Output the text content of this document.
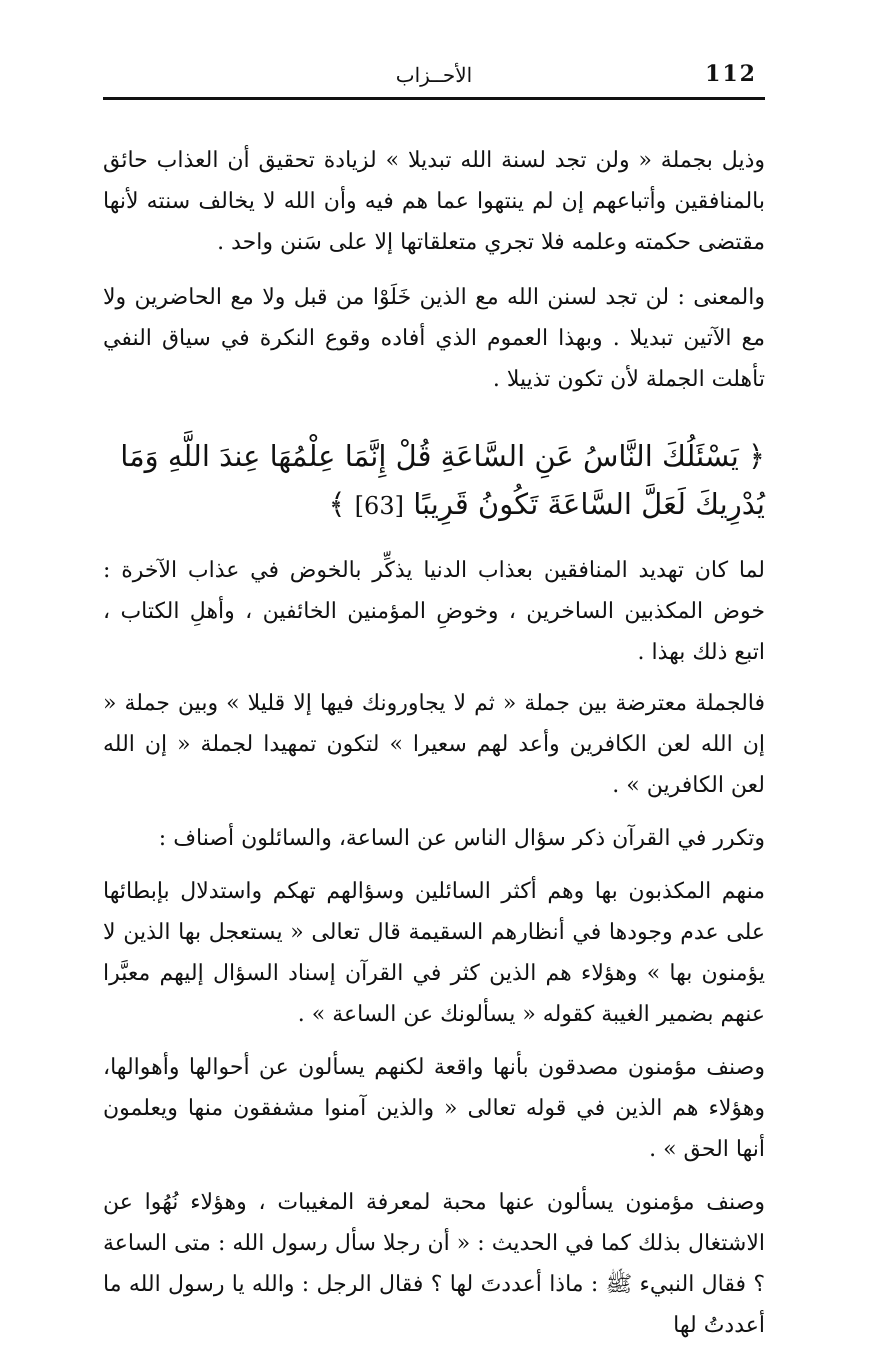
112
الأحــزاب

وذيل بجملة « ولن تجد لسنة الله تبديلا » لزيادة تحقيق أن العذاب حائق بالمنافقين وأتباعهم إن لم ينتهوا عما هم فيه وأن الله لا يخالف سنته لأنها مقتضى حكمته وعلمه فلا تجري متعلقاتها إلا على سَنن واحد .

والمعنى : لن تجد لسنن الله مع الذين خَلَوْا من قبل ولا مع الحاضرين ولا مع الآتين تبديلا . وبهذا العموم الذي أفاده وقوع النكرة في سياق النفي تأهلت الجملة لأن تكون تذييلا .

﴿ يَسْئَلُكَ النَّاسُ عَنِ السَّاعَةِ قُلْ إِنَّمَا عِلْمُهَا عِندَ اللَّهِ وَمَا يُدْرِيكَ لَعَلَّ السَّاعَةَ تَكُونُ قَرِيبًا [63] ﴾

لما كان تهديد المنافقين بعذاب الدنيا يذكِّر بالخوض في عذاب الآخرة : خوض المكذبين الساخرين ، وخوضِ المؤمنين الخائفين ، وأهلِ الكتاب ، اتبع ذلك بهذا .

فالجملة معترضة بين جملة « ثم لا يجاورونك فيها إلا قليلا » وبين جملة « إن الله لعن الكافرين وأعد لهم سعيرا » لتكون تمهيدا لجملة « إن الله لعن الكافرين » .

وتكرر في القرآن ذكر سؤال الناس عن الساعة، والسائلون أصناف :

منهم المكذبون بها وهم أكثر السائلين وسؤالهم تهكم واستدلال بإبطائها على عدم وجودها في أنظارهم السقيمة قال تعالى « يستعجل بها الذين لا يؤمنون بها » وهؤلاء هم الذين كثر في القرآن إسناد السؤال إليهم معبَّرا عنهم بضمير الغيبة كقوله « يسألونك عن الساعة » .

وصنف مؤمنون مصدقون بأنها واقعة لكنهم يسألون عن أحوالها وأهوالها، وهؤلاء هم الذين في قوله تعالى « والذين آمنوا مشفقون منها ويعلمون أنها الحق » .

وصنف مؤمنون يسألون عنها محبة لمعرفة المغيبات ، وهؤلاء نُهُوا عن الاشتغال بذلك كما في الحديث : « أن رجلا سأل رسول الله : متى الساعة ؟ فقال النبيء ﷺ : ماذا أعددتَ لها ؟ فقال الرجل : والله يا رسول الله ما أعددتُ لها
